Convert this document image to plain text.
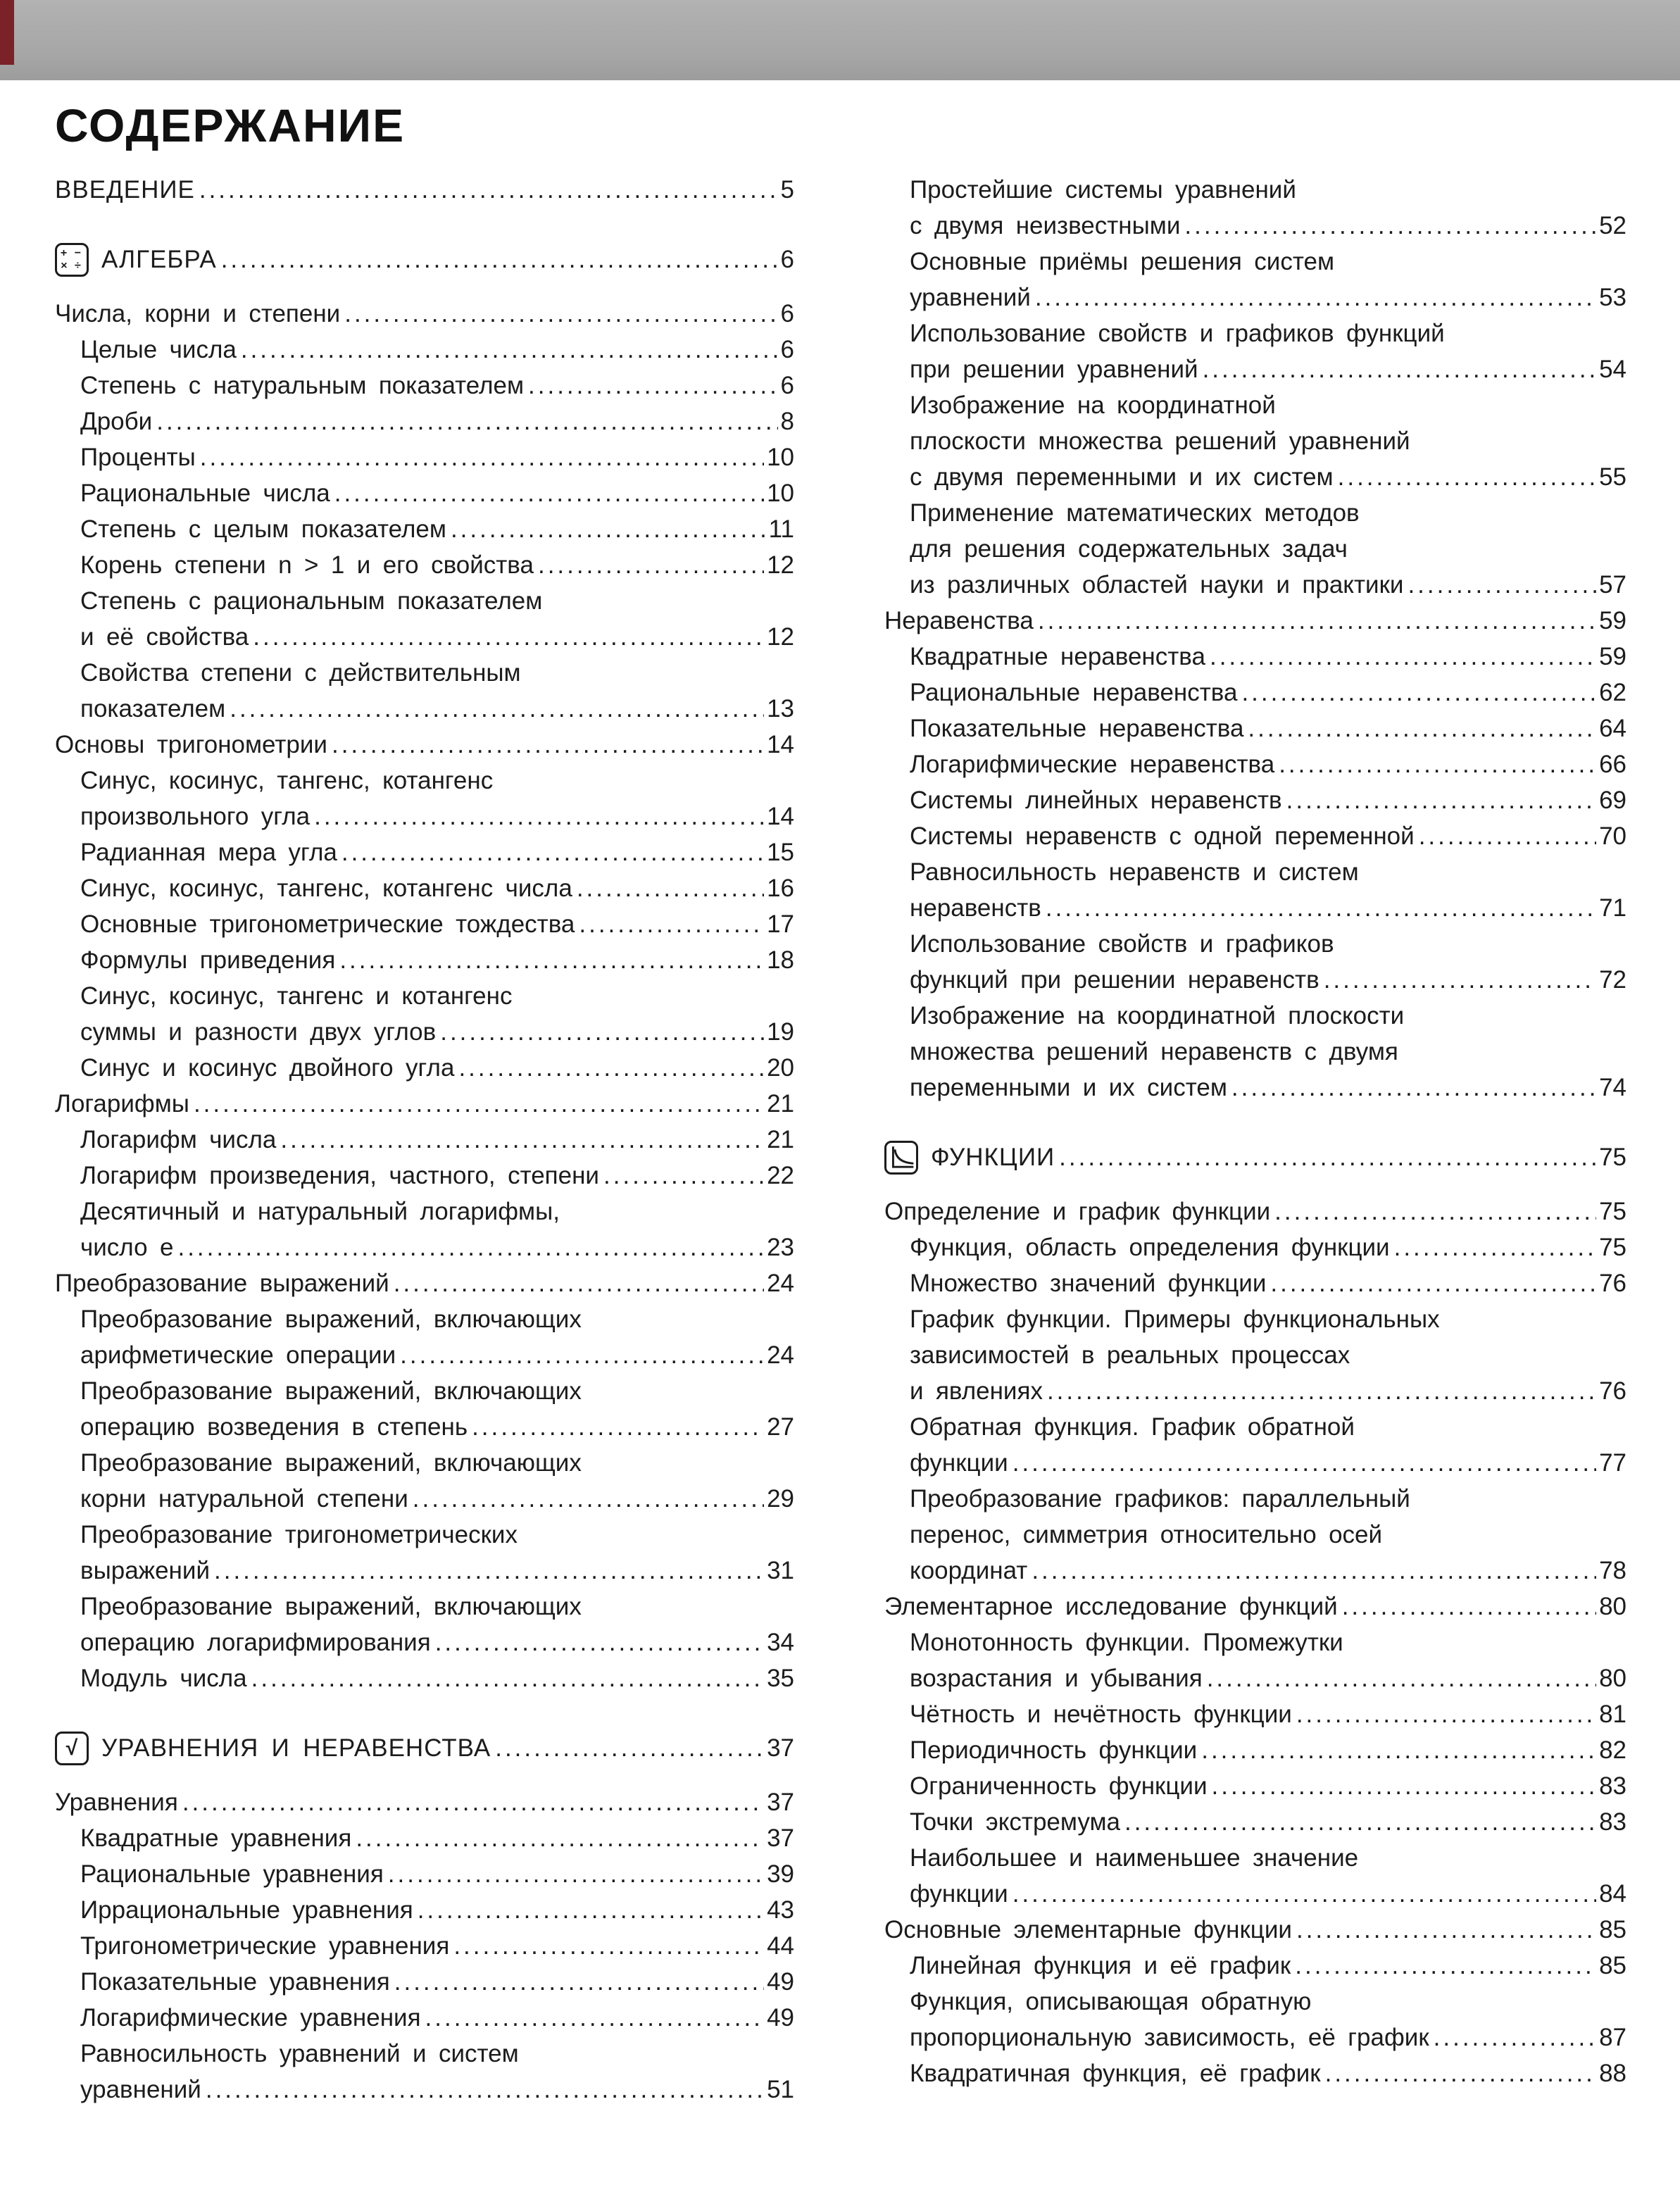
СОДЕРЖАНИЕ
ВВЕДЕНИЕ .....	5
+ −
× ÷ АЛГЕБРА .....	6
Числа, корни и степени .....	6
Целые числа .....	6
Степень с натуральным показателем .....	6
Дроби .....	8
Проценты .....	10
Рациональные числа .....	10
Степень с целым показателем .....	11
Корень степени n > 1 и его свойства .....	12
Степень с рациональным показателем
и её свойства .....	12
Свойства степени с действительным
показателем .....	13
Основы тригонометрии .....	14
Синус, косинус, тангенс, котангенс
произвольного угла .....	14
Радианная мера угла .....	15
Синус, косинус, тангенс, котангенс числа .....	16
Основные тригонометрические тождества .....	17
Формулы приведения .....	18
Синус, косинус, тангенс и котангенс
суммы и разности двух углов .....	19
Синус и косинус двойного угла .....	20
Логарифмы .....	21
Логарифм числа .....	21
Логарифм произведения, частного, степени .....	22
Десятичный и натуральный логарифмы,
число e .....	23
Преобразование выражений .....	24
Преобразование выражений, включающих
арифметические операции .....	24
Преобразование выражений, включающих
операцию возведения в степень .....	27
Преобразование выражений, включающих
корни натуральной степени .....	29
Преобразование тригонометрических
выражений .....	31
Преобразование выражений, включающих
операцию логарифмирования .....	34
Модуль числа .....	35
√ УРАВНЕНИЯ И НЕРАВЕНСТВА .....	37
Уравнения .....	37
Квадратные уравнения .....	37
Рациональные уравнения .....	39
Иррациональные уравнения .....	43
Тригонометрические уравнения .....	44
Показательные уравнения .....	49
Логарифмические уравнения .....	49
Равносильность уравнений и систем
уравнений .....	51
Простейшие системы уравнений
с двумя неизвестными .....	52
Основные приёмы решения систем
уравнений .....	53
Использование свойств и графиков функций
при решении уравнений .....	54
Изображение на координатной
плоскости множества решений уравнений
с двумя переменными и их систем .....	55
Применение математических методов
для решения содержательных задач
из различных областей науки и практики .....	57
Неравенства .....	59
Квадратные неравенства .....	59
Рациональные неравенства .....	62
Показательные неравенства .....	64
Логарифмические неравенства .....	66
Системы линейных неравенств .....	69
Системы неравенств с одной переменной .....	70
Равносильность неравенств и систем
неравенств .....	71
Использование свойств и графиков
функций при решении неравенств .....	72
Изображение на координатной плоскости
множества решений неравенств с двумя
переменными и их систем .....	74
ФУНКЦИИ .....	75
Определение и график функции .....	75
Функция, область определения функции .....	75
Множество значений функции .....	76
График функции. Примеры функциональных
зависимостей в реальных процессах
и явлениях .....	76
Обратная функция. График обратной
функции .....	77
Преобразование графиков: параллельный
перенос, симметрия относительно осей
координат .....	78
Элементарное исследование функций .....	80
Монотонность функции. Промежутки
возрастания и убывания .....	80
Чётность и нечётность функции .....	81
Периодичность функции .....	82
Ограниченность функции .....	83
Точки экстремума .....	83
Наибольшее и наименьшее значение
функции .....	84
Основные элементарные функции .....	85
Линейная функция и её график .....	85
Функция, описывающая обратную
пропорциональную зависимость, её график .....	87
Квадратичная функция, её график .....	88
